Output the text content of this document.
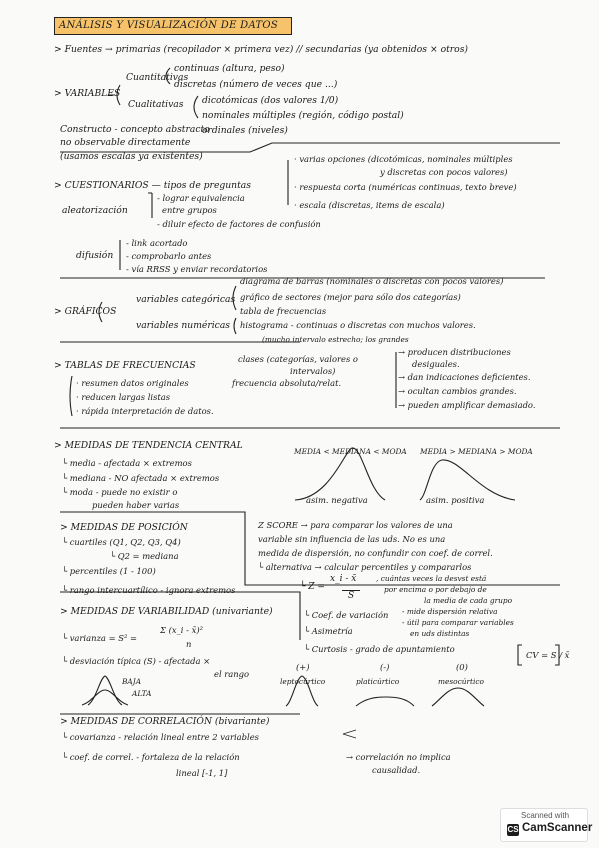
ANÁLISIS Y VISUALIZACIÓN DE DATOS
> Fuentes → primarias (recopilador × primera vez) // secundarias (ya obtenidos × otros)
> VARIABLES
Cuantitativas
continuas (altura, peso)
discretas (número de veces que ...)
Cualitativas dicotómicas (dos valores 1/0)
nominales múltiples (región, código postal)
ordinales (niveles)
Constructo - concepto abstracto
no observable directamente
(usamos escalas ya existentes)
> CUESTIONARIOS — tipos de preguntas
· varias opciones (dicotómicas, nominales múltiples
y discretas con pocos valores)
· respuesta corta (numéricas continuas, texto breve)
· escala (discretas, items de escala)
aleatorización
- lograr equivalencia
entre grupos
- diluir efecto de factores de confusión
difusión
- link acortado
- comprobarlo antes
- vía RRSS y enviar recordatorios
> GRÁFICOS
variables categóricas
variables numéricas
diagrama de barras (nominales o discretas con pocos valores)
gráfico de sectores (mejor para sólo dos categorías)
tabla de frecuencias
histograma - continuas o discretas con muchos valores.
(mucho intervalo estrecho; los grandes
→ producen distribuciones
desiguales.
→ dan indicaciones deficientes.
→ ocultan cambios grandes.
→ pueden amplificar demasiado.
> TABLAS DE FRECUENCIAS
clases (categorías, valores o
intervalos)
frecuencia absoluta/relat.
· resumen datos originales
· reducen largas listas
· rápida interpretación de datos.
> MEDIDAS DE TENDENCIA CENTRAL
└ media - afectada × extremos
└ mediana - NO afectada × extremos
└ moda - puede no existir o
pueden haber varias
MEDIA < MEDIANA < MODA MEDIA > MEDIANA > MODA
asim. negativa	asim. positiva
> MEDIDAS DE POSICIÓN
└ cuartiles (Q1, Q2, Q3, Q4)
└ Q2 = mediana
└ percentiles (1 - 100)
└ rango intercuartílico - ignora extremos
Z SCORE → para comparar los valores de una
variable sin influencia de las uds. No es una
medida de dispersión, no confundir con coef. de correl.
└ alternativa → calcular percentiles y compararlos
└ Z =
x_i - x̄
S
, cuántas veces la desvst está
por encima o por debajo de
la media de cada grupo
> MEDIDAS DE VARIABILIDAD (univariante)
└ varianza = S² =
Σ (x_i - x̄)²
n
└ desviación típica (S) - afectada ×
el rango
BAJA
ALTA
└ Coef. de variación - mide dispersión relativa
- útil para comparar variables
en uds distintas
CV = S / x̄
└ Asimetría
└ Curtosis - grado de apuntamiento
(+)	(-)	(0)
leptocúrtico	platicúrtico	mesocúrtico
> MEDIDAS DE CORRELACIÓN (bivariante)
└ covarianza - relación lineal entre 2 variables
└ coef. de correl. - fortaleza de la relación
lineal [-1, 1]
→ correlación no implica
causalidad.
Scanned with
CS CamScanner
